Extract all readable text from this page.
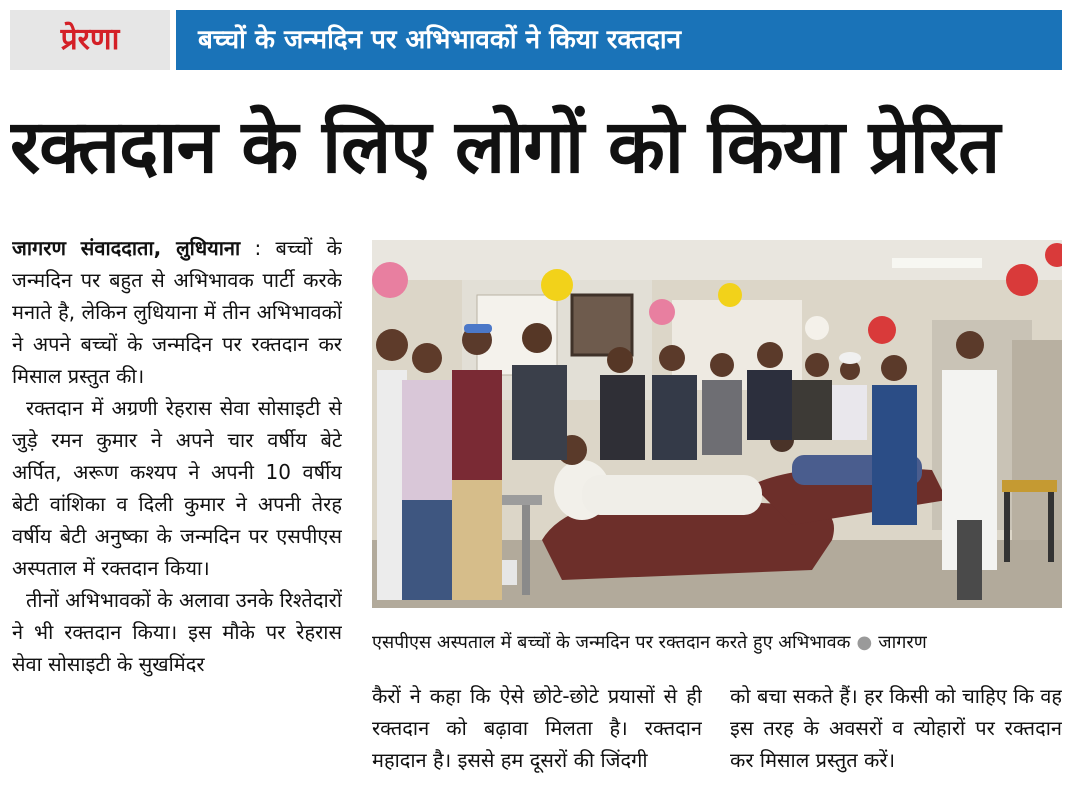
प्रेरणा	बच्चों के जन्मदिन पर अभिभावकों ने किया रक्तदान
रक्तदान के लिए लोगों को किया प्रेरित

जागरण संवाददाता, लुधियाना : बच्चों के जन्मदिन पर बहुत से अभिभावक पार्टी करके मनाते है, लेकिन लुधियाना में तीन अभिभावकों ने अपने बच्चों के जन्मदिन पर रक्तदान कर मिसाल प्रस्तुत की।

रक्तदान में अग्रणी रेहरास सेवा सोसाइटी से जुड़े रमन कुमार ने अपने चार वर्षीय बेटे अर्पित, अरूण कश्यप ने अपनी 10 वर्षीय बेटी वांशिका व दिली कुमार ने अपनी तेरह वर्षीय बेटी अनुष्का के जन्मदिन पर एसपीएस अस्पताल में रक्तदान किया।

तीनों अभिभावकों के अलावा उनके रिश्तेदारों ने भी रक्तदान किया। इस मौके पर रेहरास सेवा सोसाइटी के सुखमिंदर

एसपीएस अस्पताल में बच्चों के जन्मदिन पर रक्तदान करते हुए अभिभावक ● जागरण

कैरों ने कहा कि ऐसे छोटे-छोटे प्रयासों से ही रक्तदान को बढ़ावा मिलता है। रक्तदान महादान है। इससे हम दूसरों की जिंदगी

को बचा सकते हैं। हर किसी को चाहिए कि वह इस तरह के अवसरों व त्योहारों पर रक्तदान कर मिसाल प्रस्तुत करें।
